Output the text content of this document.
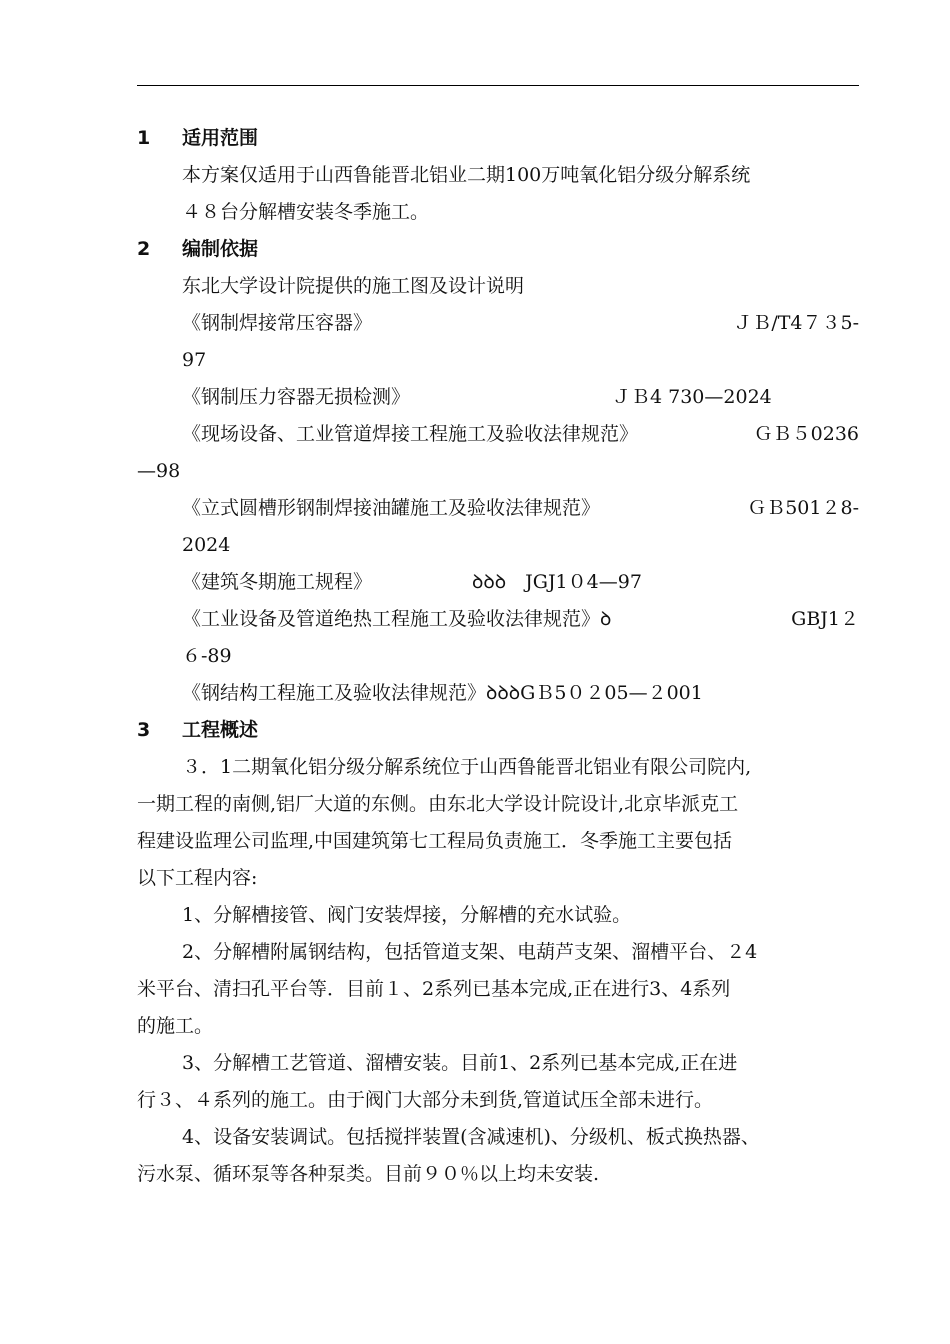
1 适用范围
本方案仅适用于山西鲁能晋北铝业二期100万吨氧化铝分级分解系统
４８台分解槽安装冬季施工。
2 编制依据
东北大学设计院提供的施工图及设计说明
《钢制焊接常压容器》	ＪＢ/T4７３5-
97
《钢制压力容器无损检测》	ＪＢ4 730—2024
《现场设备、工业管道焊接工程施工及验收法律规范》	ＧＢ５0236
—98
《立式圆槽形钢制焊接油罐施工及验收法律规范》	ＧＢ501２8-
2024
《建筑冬期施工规程》	ꝺꝺꝺ　JGJ1０4—97
《工业设备及管道绝热工程施工及验收法律规范》ꝺ	GBJ1２
６-89
《钢结构工程施工及验收法律规范》ꝺꝺꝺGＢ5０２05—２001
3 工程概述
３．1二期氧化铝分级分解系统位于山西鲁能晋北铝业有限公司院内,
一期工程的南侧,铝厂大道的东侧。由东北大学设计院设计,北京毕派克工
程建设监理公司监理,中国建筑第七工程局负责施工．冬季施工主要包括
以下工程内容:
1、分解槽接管、阀门安装焊接，分解槽的充水试验。
2、分解槽附属钢结构，包括管道支架、电葫芦支架、溜槽平台、２4
米平台、清扫孔平台等．目前１、2系列已基本完成,正在进行3、4系列
的施工。
3、分解槽工艺管道、溜槽安装。目前1、2系列已基本完成,正在进
行３、４系列的施工。由于阀门大部分未到货,管道试压全部未进行。
4、设备安装调试。包括搅拌装置(含减速机)、分级机、板式换热器、
污水泵、循环泵等各种泵类。目前９０％以上均未安装.
